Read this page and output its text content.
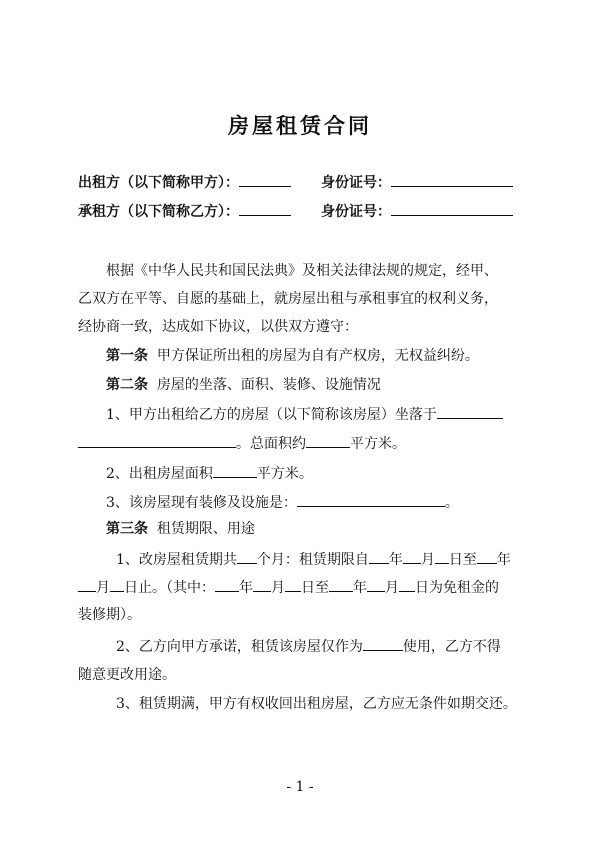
房屋租赁合同
出租方（以下简称甲方）：	身份证号：
承租方（以下简称乙方）：	身份证号：
根据《中华人民共和国民法典》及相关法律法规的规定，经甲、
乙双方在平等、自愿的基础上，就房屋出租与承租事宜的权利义务，
经协商一致，达成如下协议，以供双方遵守：
第一条 甲方保证所出租的房屋为自有产权房，无权益纠纷。
第二条 房屋的坐落、面积、装修、设施情况
1、甲方出租给乙方的房屋（以下简称该房屋）坐落于
。总面积约	平方米。
2、出租房屋面积	平方米。
3、该房屋现有装修及设施是：	。
第三条 租赁期限、用途
1、改房屋租赁期共 个月：租赁期限自 年 月 日至 年
月 日止。（其中： 年 月 日至 年 月 日为免租金的
装修期）。
2、乙方向甲方承诺，租赁该房屋仅作为	使用，乙方不得
随意更改用途。
3、租赁期满，甲方有权收回出租房屋，乙方应无条件如期交还。
- 1 -
